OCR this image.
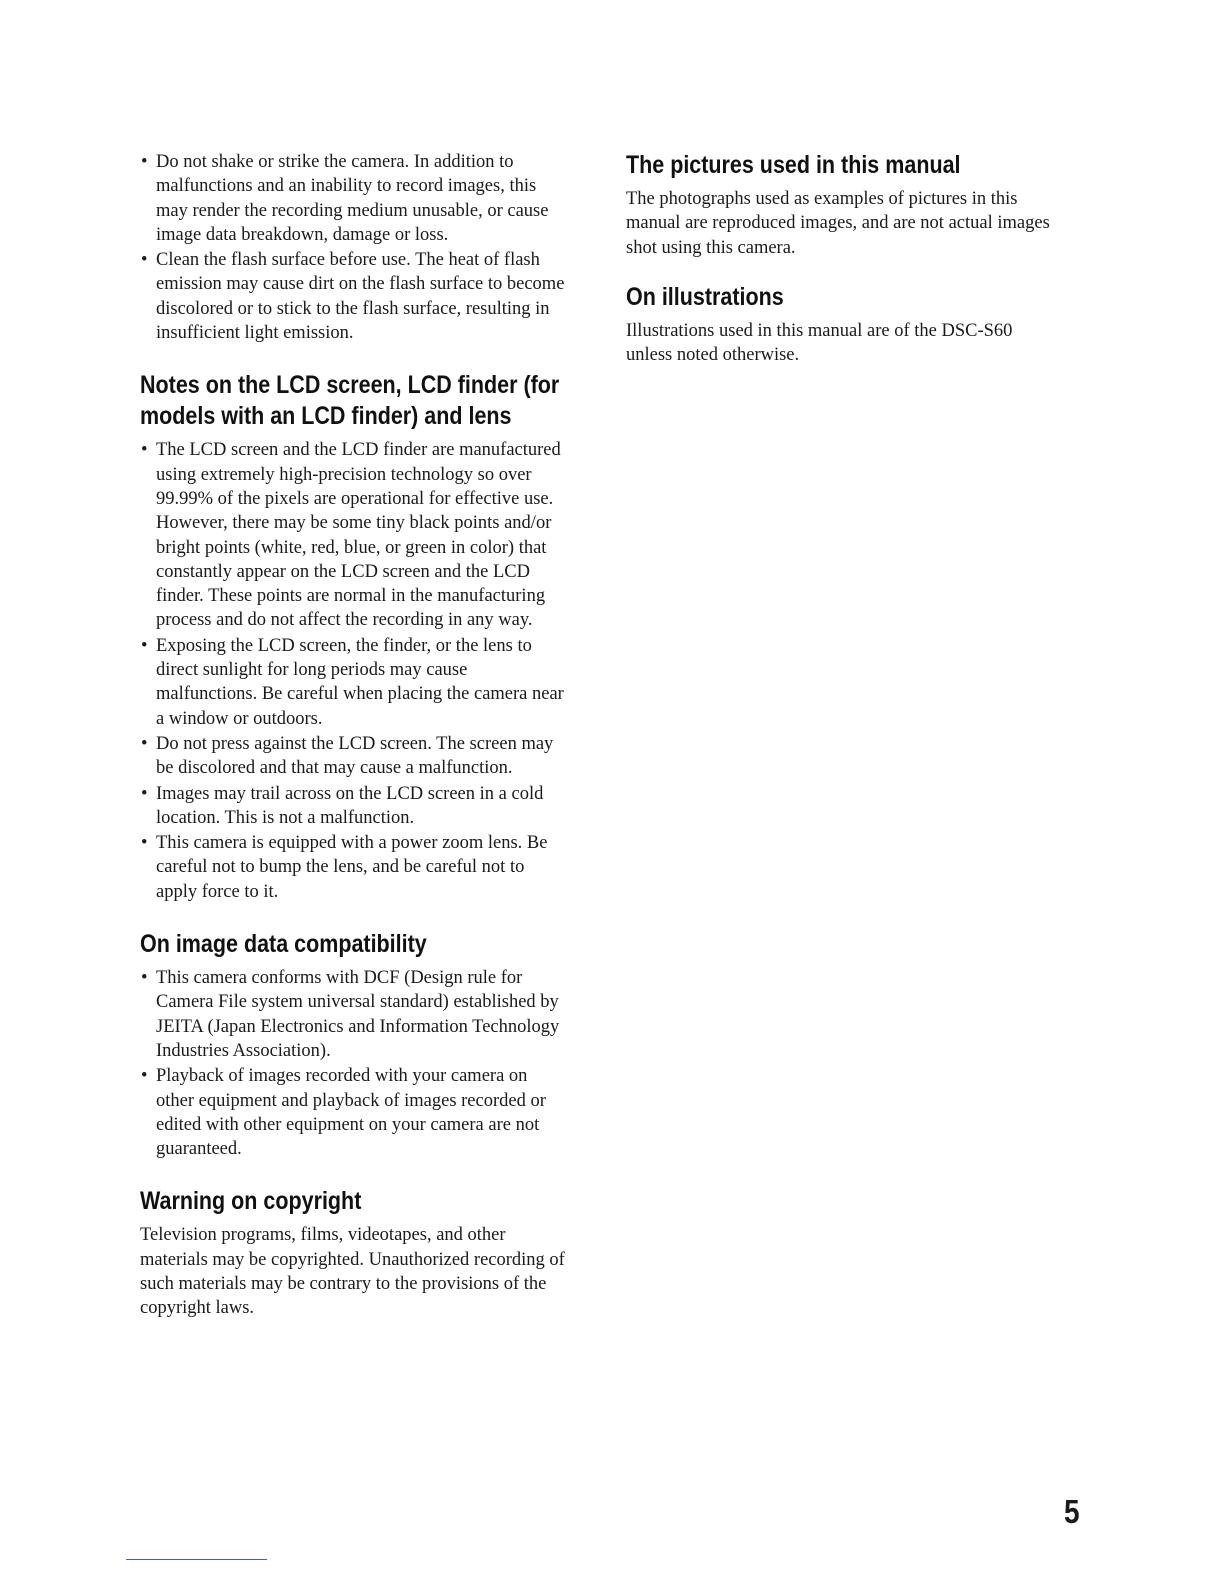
• Do not shake or strike the camera. In addition to malfunctions and an inability to record images, this may render the recording medium unusable, or cause image data breakdown, damage or loss.
• Clean the flash surface before use. The heat of flash emission may cause dirt on the flash surface to become discolored or to stick to the flash surface, resulting in insufficient light emission.
Notes on the LCD screen, LCD finder (for models with an LCD finder) and lens
• The LCD screen and the LCD finder are manufactured using extremely high-precision technology so over 99.99% of the pixels are operational for effective use. However, there may be some tiny black points and/or bright points (white, red, blue, or green in color) that constantly appear on the LCD screen and the LCD finder. These points are normal in the manufacturing process and do not affect the recording in any way.
• Exposing the LCD screen, the finder, or the lens to direct sunlight for long periods may cause malfunctions. Be careful when placing the camera near a window or outdoors.
• Do not press against the LCD screen. The screen may be discolored and that may cause a malfunction.
• Images may trail across on the LCD screen in a cold location. This is not a malfunction.
• This camera is equipped with a power zoom lens. Be careful not to bump the lens, and be careful not to apply force to it.
On image data compatibility
• This camera conforms with DCF (Design rule for Camera File system universal standard) established by JEITA (Japan Electronics and Information Technology Industries Association).
• Playback of images recorded with your camera on other equipment and playback of images recorded or edited with other equipment on your camera are not guaranteed.
Warning on copyright

Television programs, films, videotapes, and other materials may be copyrighted. Unauthorized recording of such materials may be contrary to the provisions of the copyright laws.

The pictures used in this manual

The photographs used as examples of pictures in this manual are reproduced images, and are not actual images shot using this camera.

On illustrations

Illustrations used in this manual are of the DSC-S60 unless noted otherwise.

5
